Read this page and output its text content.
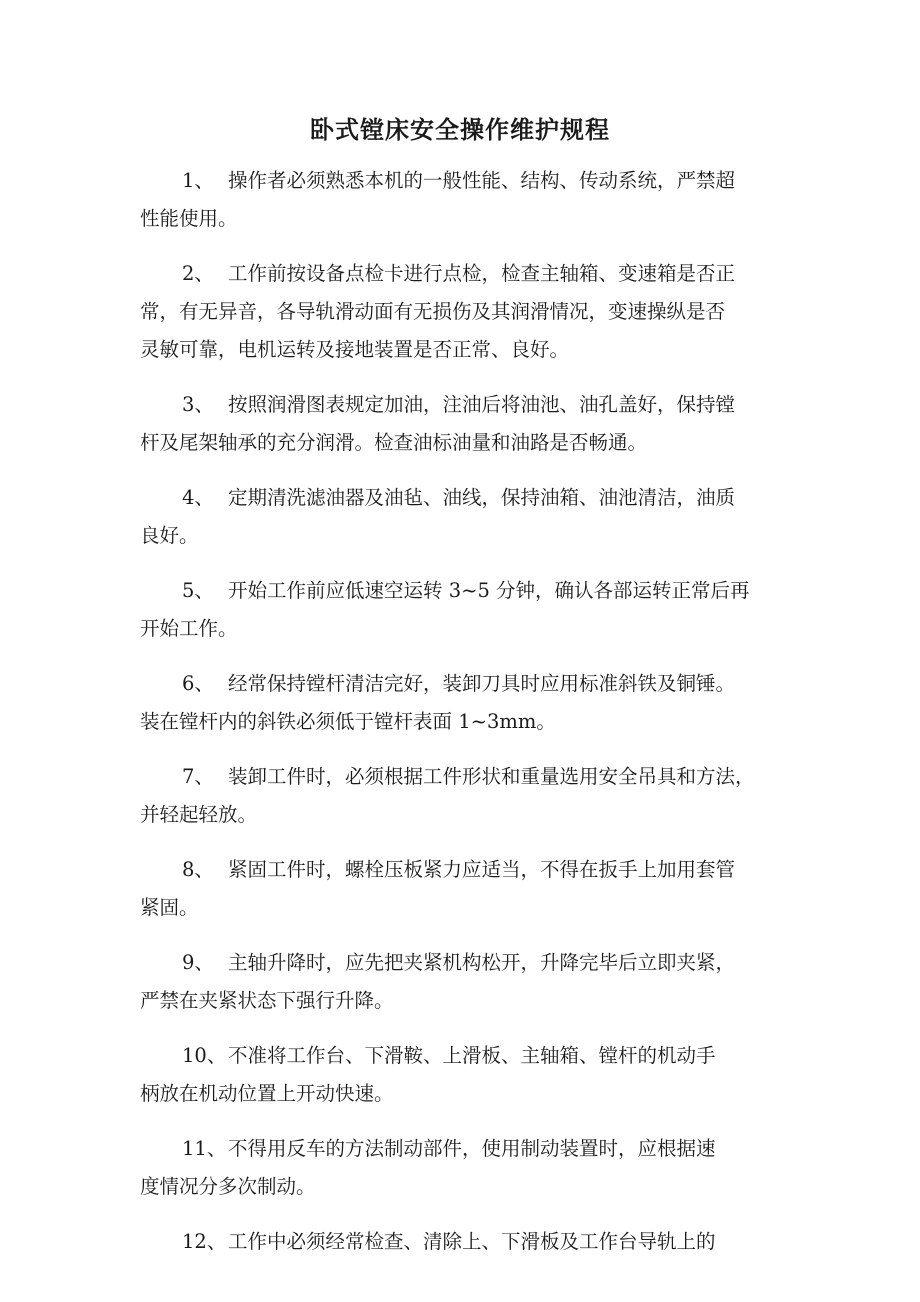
卧式镗床安全操作维护规程
1、 操作者必须熟悉本机的一般性能、结构、传动系统，严禁超
性能使用。
2、 工作前按设备点检卡进行点检，检查主轴箱、变速箱是否正
常，有无异音，各导轨滑动面有无损伤及其润滑情况，变速操纵是否
灵敏可靠，电机运转及接地装置是否正常、良好。
3、 按照润滑图表规定加油，注油后将油池、油孔盖好，保持镗
杆及尾架轴承的充分润滑。检查油标油量和油路是否畅通。
4、 定期清洗滤油器及油毡、油线，保持油箱、油池清洁，油质
良好。
5、 开始工作前应低速空运转 3~5 分钟，确认各部运转正常后再
开始工作。
6、 经常保持镗杆清洁完好，装卸刀具时应用标准斜铁及铜锤。
装在镗杆内的斜铁必须低于镗杆表面 1~3mm。
7、 装卸工件时，必须根据工件形状和重量选用安全吊具和方法，
并轻起轻放。
8、 紧固工件时，螺栓压板紧力应适当，不得在扳手上加用套管
紧固。
9、 主轴升降时，应先把夹紧机构松开，升降完毕后立即夹紧，
严禁在夹紧状态下强行升降。
10、不准将工作台、下滑鞍、上滑板、主轴箱、镗杆的机动手
柄放在机动位置上开动快速。
11、不得用反车的方法制动部件，使用制动装置时，应根据速
度情况分多次制动。
12、工作中必须经常检查、清除上、下滑板及工作台导轨上的
